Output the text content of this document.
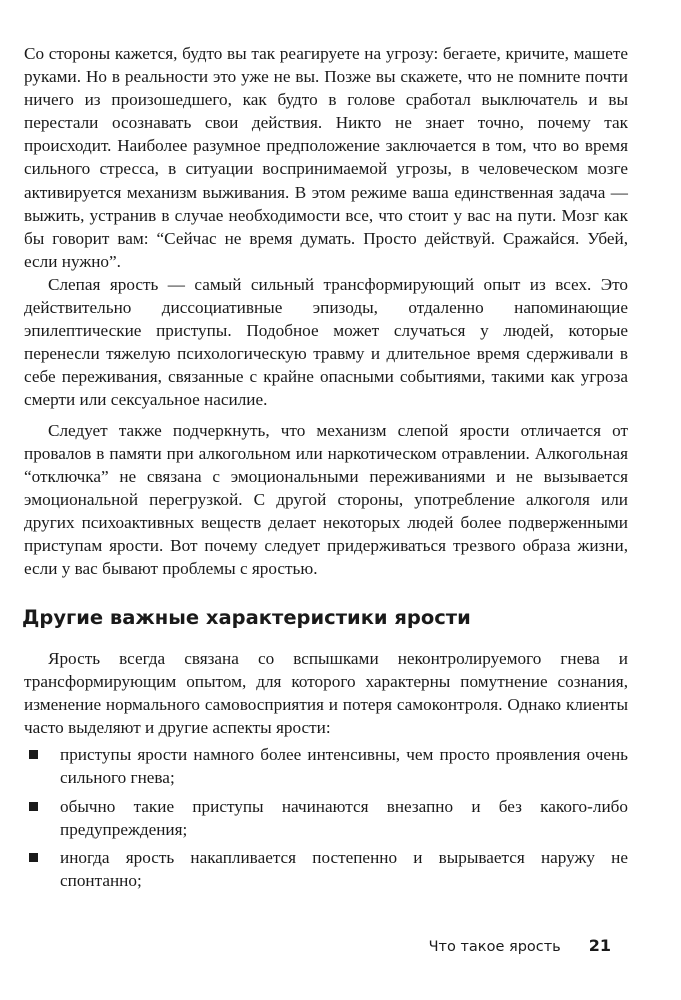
Со стороны кажется, будто вы так реагируете на угрозу: бегаете, кричите, машете руками. Но в реальности это уже не вы. Позже вы скажете, что не помните почти ничего из произошедшего, как будто в голове сработал выключатель и вы перестали осознавать свои действия. Никто не знает точно, почему так происходит. Наиболее разумное предположение заключается в том, что во время сильного стресса, в ситуации воспринимаемой угрозы, в человеческом мозге активируется механизм выживания. В этом режиме ваша единственная задача — выжить, устранив в случае необходимости все, что стоит у вас на пути. Мозг как бы говорит вам: “Сейчас не время думать. Просто действуй. Сражайся. Убей, если нужно”.

Слепая ярость — самый сильный трансформирующий опыт из всех. Это действительно диссоциативные эпизоды, отдаленно напоминающие эпилептические приступы. Подобное может случаться у людей, которые перенесли тяжелую психологическую травму и длительное время сдерживали в себе переживания, связанные с крайне опасными событиями, такими как угроза смерти или сексуальное насилие.

Следует также подчеркнуть, что механизм слепой ярости отличается от провалов в памяти при алкогольном или наркотическом отравлении. Алкогольная “отключка” не связана с эмоциональными переживаниями и не вызывается эмоциональной перегрузкой. С другой стороны, употребление алкоголя или других психоактивных веществ делает некоторых людей более подверженными приступам ярости. Вот почему следует придерживаться трезвого образа жизни, если у вас бывают проблемы с яростью.

Другие важные характеристики ярости

Ярость всегда связана со вспышками неконтролируемого гнева и трансформирующим опытом, для которого характерны помутнение сознания, изменение нормального самовосприятия и потеря самоконтроля. Однако клиенты часто выделяют и другие аспекты ярости:

приступы ярости намного более интенсивны, чем просто проявления очень сильного гнева;
обычно такие приступы начинаются внезапно и без какого-либо предупреждения;
иногда ярость накапливается постепенно и вырывается наружу не спонтанно;
Что такое ярость 21
